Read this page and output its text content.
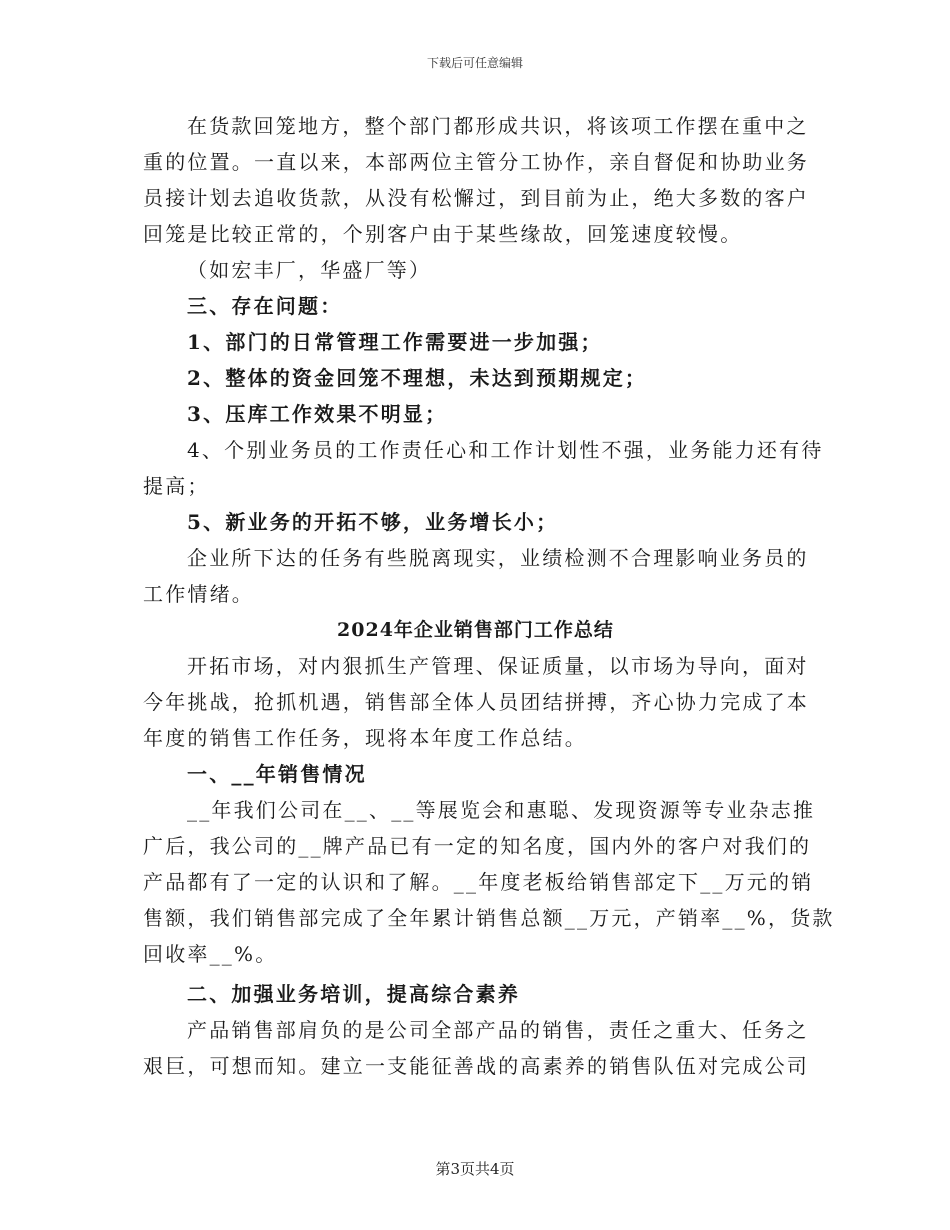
下载后可任意编辑
在货款回笼地方，整个部门都形成共识，将该项工作摆在重中之
重的位置。一直以来，本部两位主管分工协作，亲自督促和协助业务
员接计划去追收货款，从没有松懈过，到目前为止，绝大多数的客户
回笼是比较正常的，个别客户由于某些缘故，回笼速度较慢。
（如宏丰厂，华盛厂等）
三、存在问题：
1、部门的日常管理工作需要进一步加强；
2、整体的资金回笼不理想，未达到预期规定；
3、压库工作效果不明显；
4、个别业务员的工作责任心和工作计划性不强，业务能力还有待
提高；
5、新业务的开拓不够，业务增长小；
企业所下达的任务有些脱离现实，业绩检测不合理影响业务员的
工作情绪。
2024年企业销售部门工作总结
开拓市场，对内狠抓生产管理、保证质量，以市场为导向，面对
今年挑战，抢抓机遇，销售部全体人员团结拼搏，齐心协力完成了本
年度的销售工作任务，现将本年度工作总结。
一、__年销售情况
__年我们公司在__、__等展览会和惠聪、发现资源等专业杂志推
广后，我公司的__牌产品已有一定的知名度，国内外的客户对我们的
产品都有了一定的认识和了解。__年度老板给销售部定下__万元的销
售额，我们销售部完成了全年累计销售总额__万元，产销率__%，货款
回收率__%。
二、加强业务培训，提高综合素养
产品销售部肩负的是公司全部产品的销售，责任之重大、任务之
艰巨，可想而知。建立一支能征善战的高素养的销售队伍对完成公司
第3页共4页
